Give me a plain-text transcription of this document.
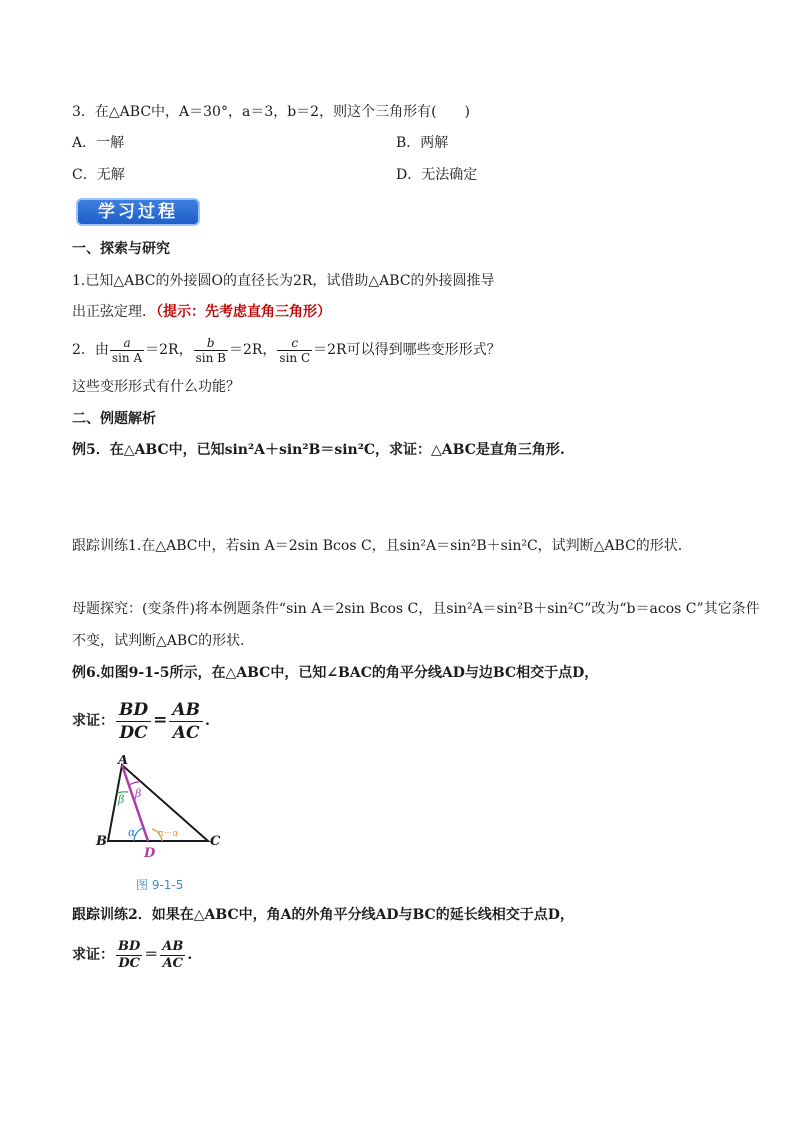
3．在△ABC中，A＝30°，a＝3，b＝2，则这个三角形有(　　)
A．一解	B．两解
C．无解	D．无法确定
学习过程
一、探索与研究
1.已知△ABC的外接圆O的直径长为2R，试借助△ABC的外接圆推导
出正弦定理．（提示：先考虑直角三角形）
2．由 $\frac{a}{\text{sin A}} =2R$， $\frac{b}{\text{sin B}} =2R$， $\frac{c}{\text{sin C}} =2R$可以得到哪些变形形式？
这些变形形式有什么功能？
二、例题解析
例5．在△ABC中，已知sin²A＋sin²B＝sin²C，求证：△ABC是直角三角形.
跟踪训练1.在△ABC中，若sin A＝2sin Bcos C，且sin²A＝sin²B＋sin²C，试判断△ABC的形状.
母题探究：(变条件)将本例题条件“sin A＝2sin Bcos C，且sin²A＝sin²B＋sin²C”改为“b＝acos C”其它条件
不变，试判断△ABC的形状．
例6.如图9-1-5所示，在△ABC中，已知∠BAC的角平分线AD与边BC相交于点D，
求证： $\frac{BD}{DC} = \frac{AB}{AC}$ .
A
B	C
D
β β
α	π－α
图 9-1-5
跟踪训练2．如果在△ABC中，角A的外角平分线AD与BC的延长线相交于点D，
求证： $\frac{BD}{DC} = \frac{AB}{AC}$ .
